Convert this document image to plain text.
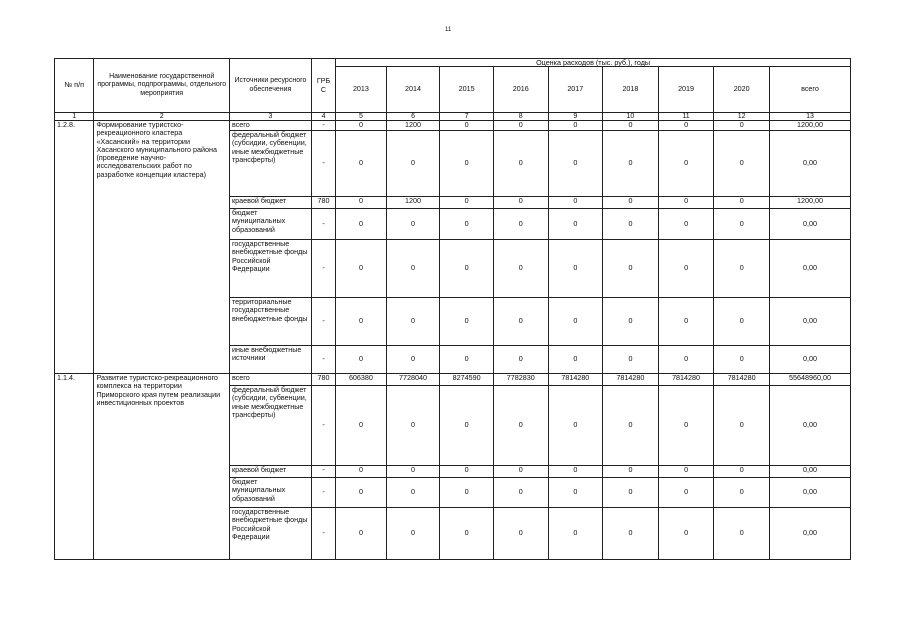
11
№ п/п	Наименование государственной программы, подпрограммы, отдельного мероприятия	Источники ресурсного обеспечения	ГРБ С	Оценка расходов (тыс. руб.), годы								
				2013	2014	2015	2016	2017	2018	2019	2020	всего
1	2	3	4	5	6	7	8	9	10	11	12	13
1.2.8.	Формирование туристско-рекреационного кластера «Хасанский» на территории Хасанского муниципального района (проведение научно-исследовательских работ по разработке концепции кластера)	всего	-	0	1200	0	0	0	0	0	0	1200,00
		федеральный бюджет (субсидии, субвенции, иные межбюджетные трансферты)	-	0	0	0	0	0	0	0	0	0,00
		краевой бюджет	780	0	1200	0	0	0	0	0	0	1200,00
		бюджет муниципальных образований	-	0	0	0	0	0	0	0	0	0,00
		государственные внебюджетные фонды Российской Федерации	-	0	0	0	0	0	0	0	0	0,00
		территориальные государственные внебюджетные фонды	-	0	0	0	0	0	0	0	0	0,00
		иные внебюджетные источники	-	0	0	0	0	0	0	0	0	0,00
1.1.4.	Развитие туристско-рекреационного комплекса на территории Приморского края путем реализации инвестиционных проектов	всего	780	606380	7728040	8274590	7782830	7814280	7814280	7814280	7814280	55648960,00
		федеральный бюджет (субсидии, субвенции, иные межбюджетные трансферты)	-	0	0	0	0	0	0	0	0	0,00
		краевой бюджет	-	0	0	0	0	0	0	0	0	0,00
		бюджет муниципальных образований	-	0	0	0	0	0	0	0	0	0,00
		государственные внебюджетные фонды Российской Федерации	-	0	0	0	0	0	0	0	0	0,00
